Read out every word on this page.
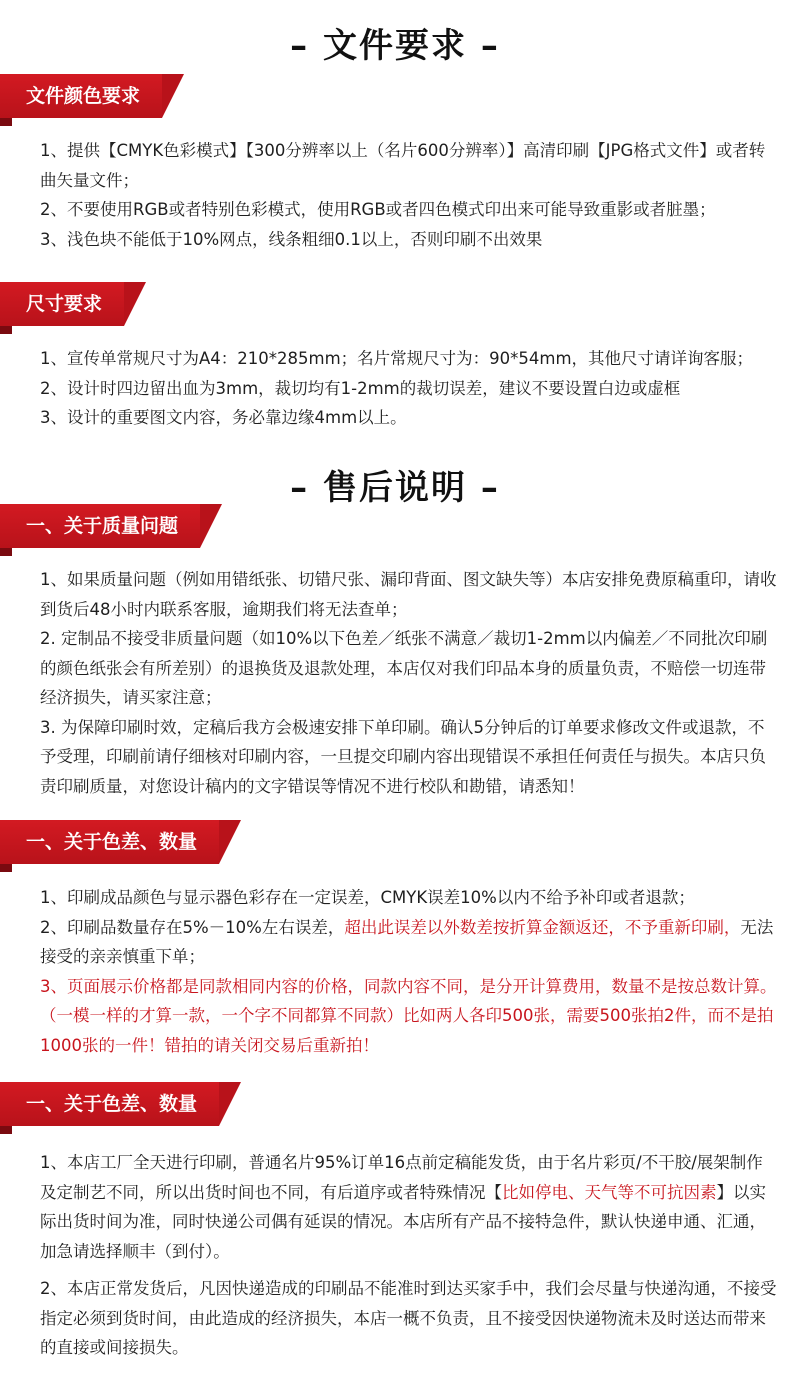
– 文件要求 –
文件颜色要求

1、提供【CMYK色彩模式】【300分辨率以上（名片600分辨率）】高清印刷【JPG格式文件】或者转曲矢量文件；

2、不要使用RGB或者特别色彩模式，使用RGB或者四色模式印出来可能导致重影或者脏墨；

3、浅色块不能低于10%网点，线条粗细0.1以上，否则印刷不出效果

尺寸要求

1、宣传单常规尺寸为A4：210*285mm；名片常规尺寸为：90*54mm，其他尺寸请详询客服；

2、设计时四边留出血为3mm，裁切均有1-2mm的裁切误差，建议不要设置白边或虚框

3、设计的重要图文内容，务必靠边缘4mm以上。

– 售后说明 –
一、关于质量问题

1、如果质量问题（例如用错纸张、切错尺张、漏印背面、图文缺失等）本店安排免费原稿重印，请收到货后48小时内联系客服，逾期我们将无法查单；

2. 定制品不接受非质量问题（如10%以下色差／纸张不满意／裁切1-2mm以内偏差／不同批次印刷的颜色纸张会有所差别）的退换货及退款处理，本店仅对我们印品本身的质量负责，不赔偿一切连带经济损失，请买家注意；

3. 为保障印刷时效，定稿后我方会极速安排下单印刷。确认5分钟后的订单要求修改文件或退款，不予受理，印刷前请仔细核对印刷内容，一旦提交印刷内容出现错误不承担任何责任与损失。本店只负责印刷质量，对您设计稿内的文字错误等情况不进行校队和勘错，请悉知！

一、关于色差、数量

1、印刷成品颜色与显示器色彩存在一定误差，CMYK误差10%以内不给予补印或者退款；

2、印刷品数量存在5%－10%左右误差，超出此误差以外数差按折算金额返还，不予重新印刷，无法接受的亲亲慎重下单；

3、页面展示价格都是同款相同内容的价格，同款内容不同，是分开计算费用，数量不是按总数计算。（一模一样的才算一款，一个字不同都算不同款）比如两人各印500张，需要500张拍2件，而不是拍1000张的一件！错拍的请关闭交易后重新拍！

一、关于色差、数量

1、本店工厂全天进行印刷，普通名片95%订单16点前定稿能发货，由于名片彩页/不干胶/展架制作及定制艺不同，所以出货时间也不同，有后道序或者特殊情况【比如停电、天气等不可抗因素】以实际出货时间为准，同时快递公司偶有延误的情况。本店所有产品不接特急件，默认快递申通、汇通，加急请选择顺丰（到付）。

2、本店正常发货后，凡因快递造成的印刷品不能准时到达买家手中，我们会尽量与快递沟通，不接受指定必须到货时间，由此造成的经济损失，本店一概不负责，且不接受因快递物流未及时送达而带来的直接或间接损失。
